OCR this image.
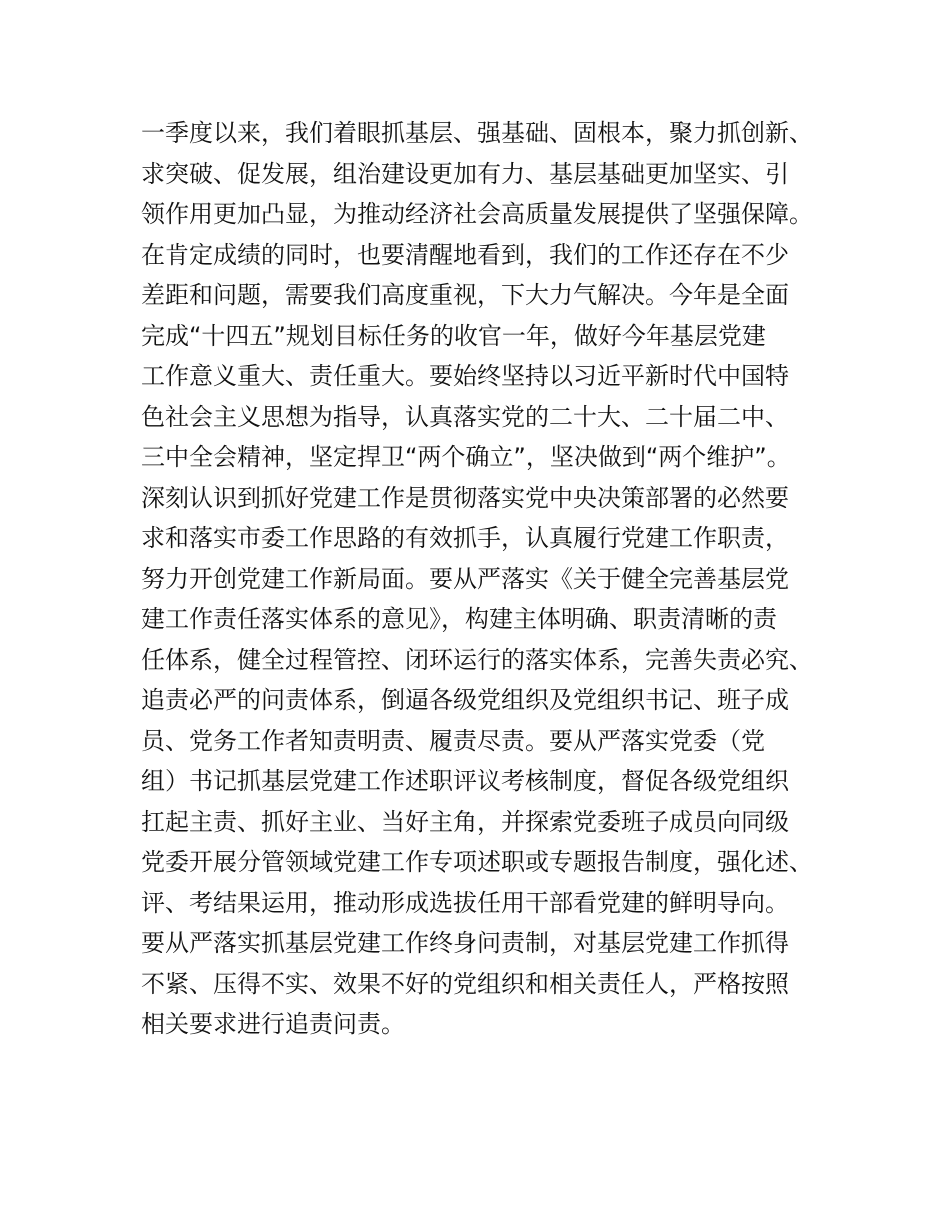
一季度以来，我们着眼抓基层、强基础、固根本，聚力抓创新、
求突破、促发展，组治建设更加有力、基层基础更加坚实、引
领作用更加凸显，为推动经济社会高质量发展提供了坚强保障。
在肯定成绩的同时，也要清醒地看到，我们的工作还存在不少
差距和问题，需要我们高度重视，下大力气解决。今年是全面
完成“十四五”规划目标任务的收官一年，做好今年基层党建
工作意义重大、责任重大。要始终坚持以习近平新时代中国特
色社会主义思想为指导，认真落实党的二十大、二十届二中、
三中全会精神，坚定捍卫“两个确立”，坚决做到“两个维护”。
深刻认识到抓好党建工作是贯彻落实党中央决策部署的必然要
求和落实市委工作思路的有效抓手，认真履行党建工作职责，
努力开创党建工作新局面。要从严落实《关于健全完善基层党
建工作责任落实体系的意见》，构建主体明确、职责清晰的责
任体系，健全过程管控、闭环运行的落实体系，完善失责必究、
追责必严的问责体系，倒逼各级党组织及党组织书记、班子成
员、党务工作者知责明责、履责尽责。要从严落实党委（党
组）书记抓基层党建工作述职评议考核制度，督促各级党组织
扛起主责、抓好主业、当好主角，并探索党委班子成员向同级
党委开展分管领域党建工作专项述职或专题报告制度，强化述、
评、考结果运用，推动形成选拔任用干部看党建的鲜明导向。
要从严落实抓基层党建工作终身问责制，对基层党建工作抓得
不紧、压得不实、效果不好的党组织和相关责任人，严格按照
相关要求进行追责问责。
